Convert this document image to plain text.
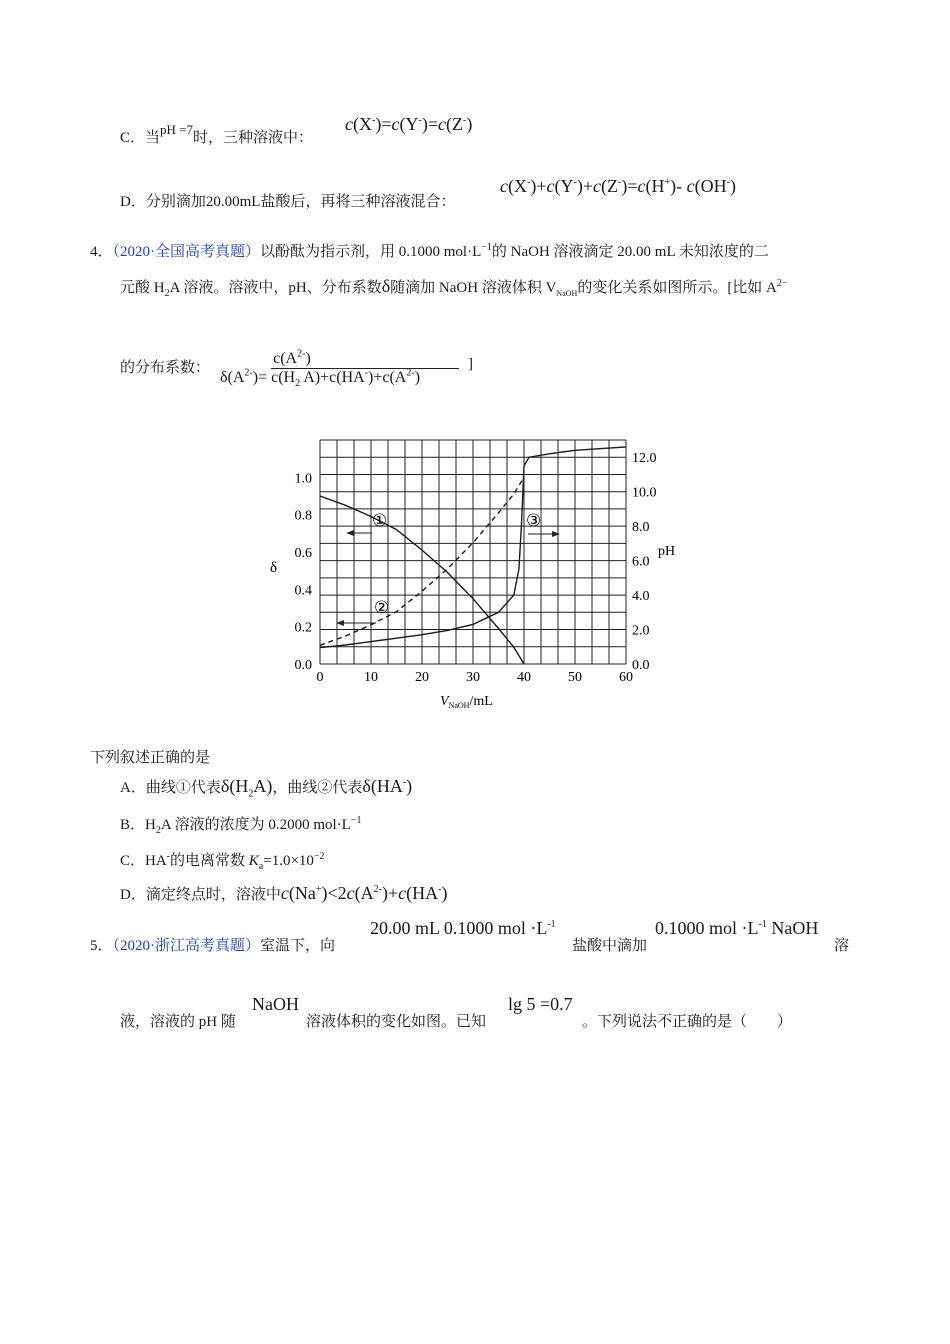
C．当pH =7时，三种溶液中：
c(X-)=c(Y-)=c(Z-)
D．分别滴加20.00mL盐酸后，再将三种溶液混合：
c(X-)+c(Y-)+c(Z-)=c(H+)- c(OH-)
4．（2020·全国高考真题）以酚酞为指示剂，用 0.1000 $mol\cdot L^{-1}$的 NaOH 溶液滴定 20.00 mL 未知浓度的二
元酸 $H_2A$ 溶液。溶液中，pH、分布系数δ随滴加 NaOH 溶液体积 $V_{NaOH}$的变化关系如图所示。[比如 $A^{2-}$
的分布系数：
$\delta(A^{2-})= \frac{c(A^{2-})}{c(H_2 A)+c(HA^-)+c(A^{2-})}$ ]
0	10	20	30	40	50	60
0.0
0.2
0.4
0.6
0.8
1.0
0.0
2.0
4.0
6.0
8.0
10.0
12.0
δ
pH
$V_{NaOH}/mL$
①
②
③
下列叙述正确的是
A．曲线①代表$\delta(H_2A)$，曲线②代表δ(HA-)
B．$H_2A$ 溶液的浓度为 0.2000 $mol\cdot L^{-1}$
C．HA-的电离常数 $K_a=1.0\times 10^{-2}$
D．滴定终点时，溶液中$c(Na^+)<2c(A^{2-})+c(HA^-)$
5．（2020·浙江高考真题）室温下，向
20.00 mL 0.1000 mol $\cdot L^{-1}$
盐酸中滴加
0.1000 mol $\cdot L^{-1}$ NaOH
溶
液，溶液的 pH 随
NaOH
溶液体积的变化如图。已知
lg 5 =0.7
。下列说法不正确的是（　　）
